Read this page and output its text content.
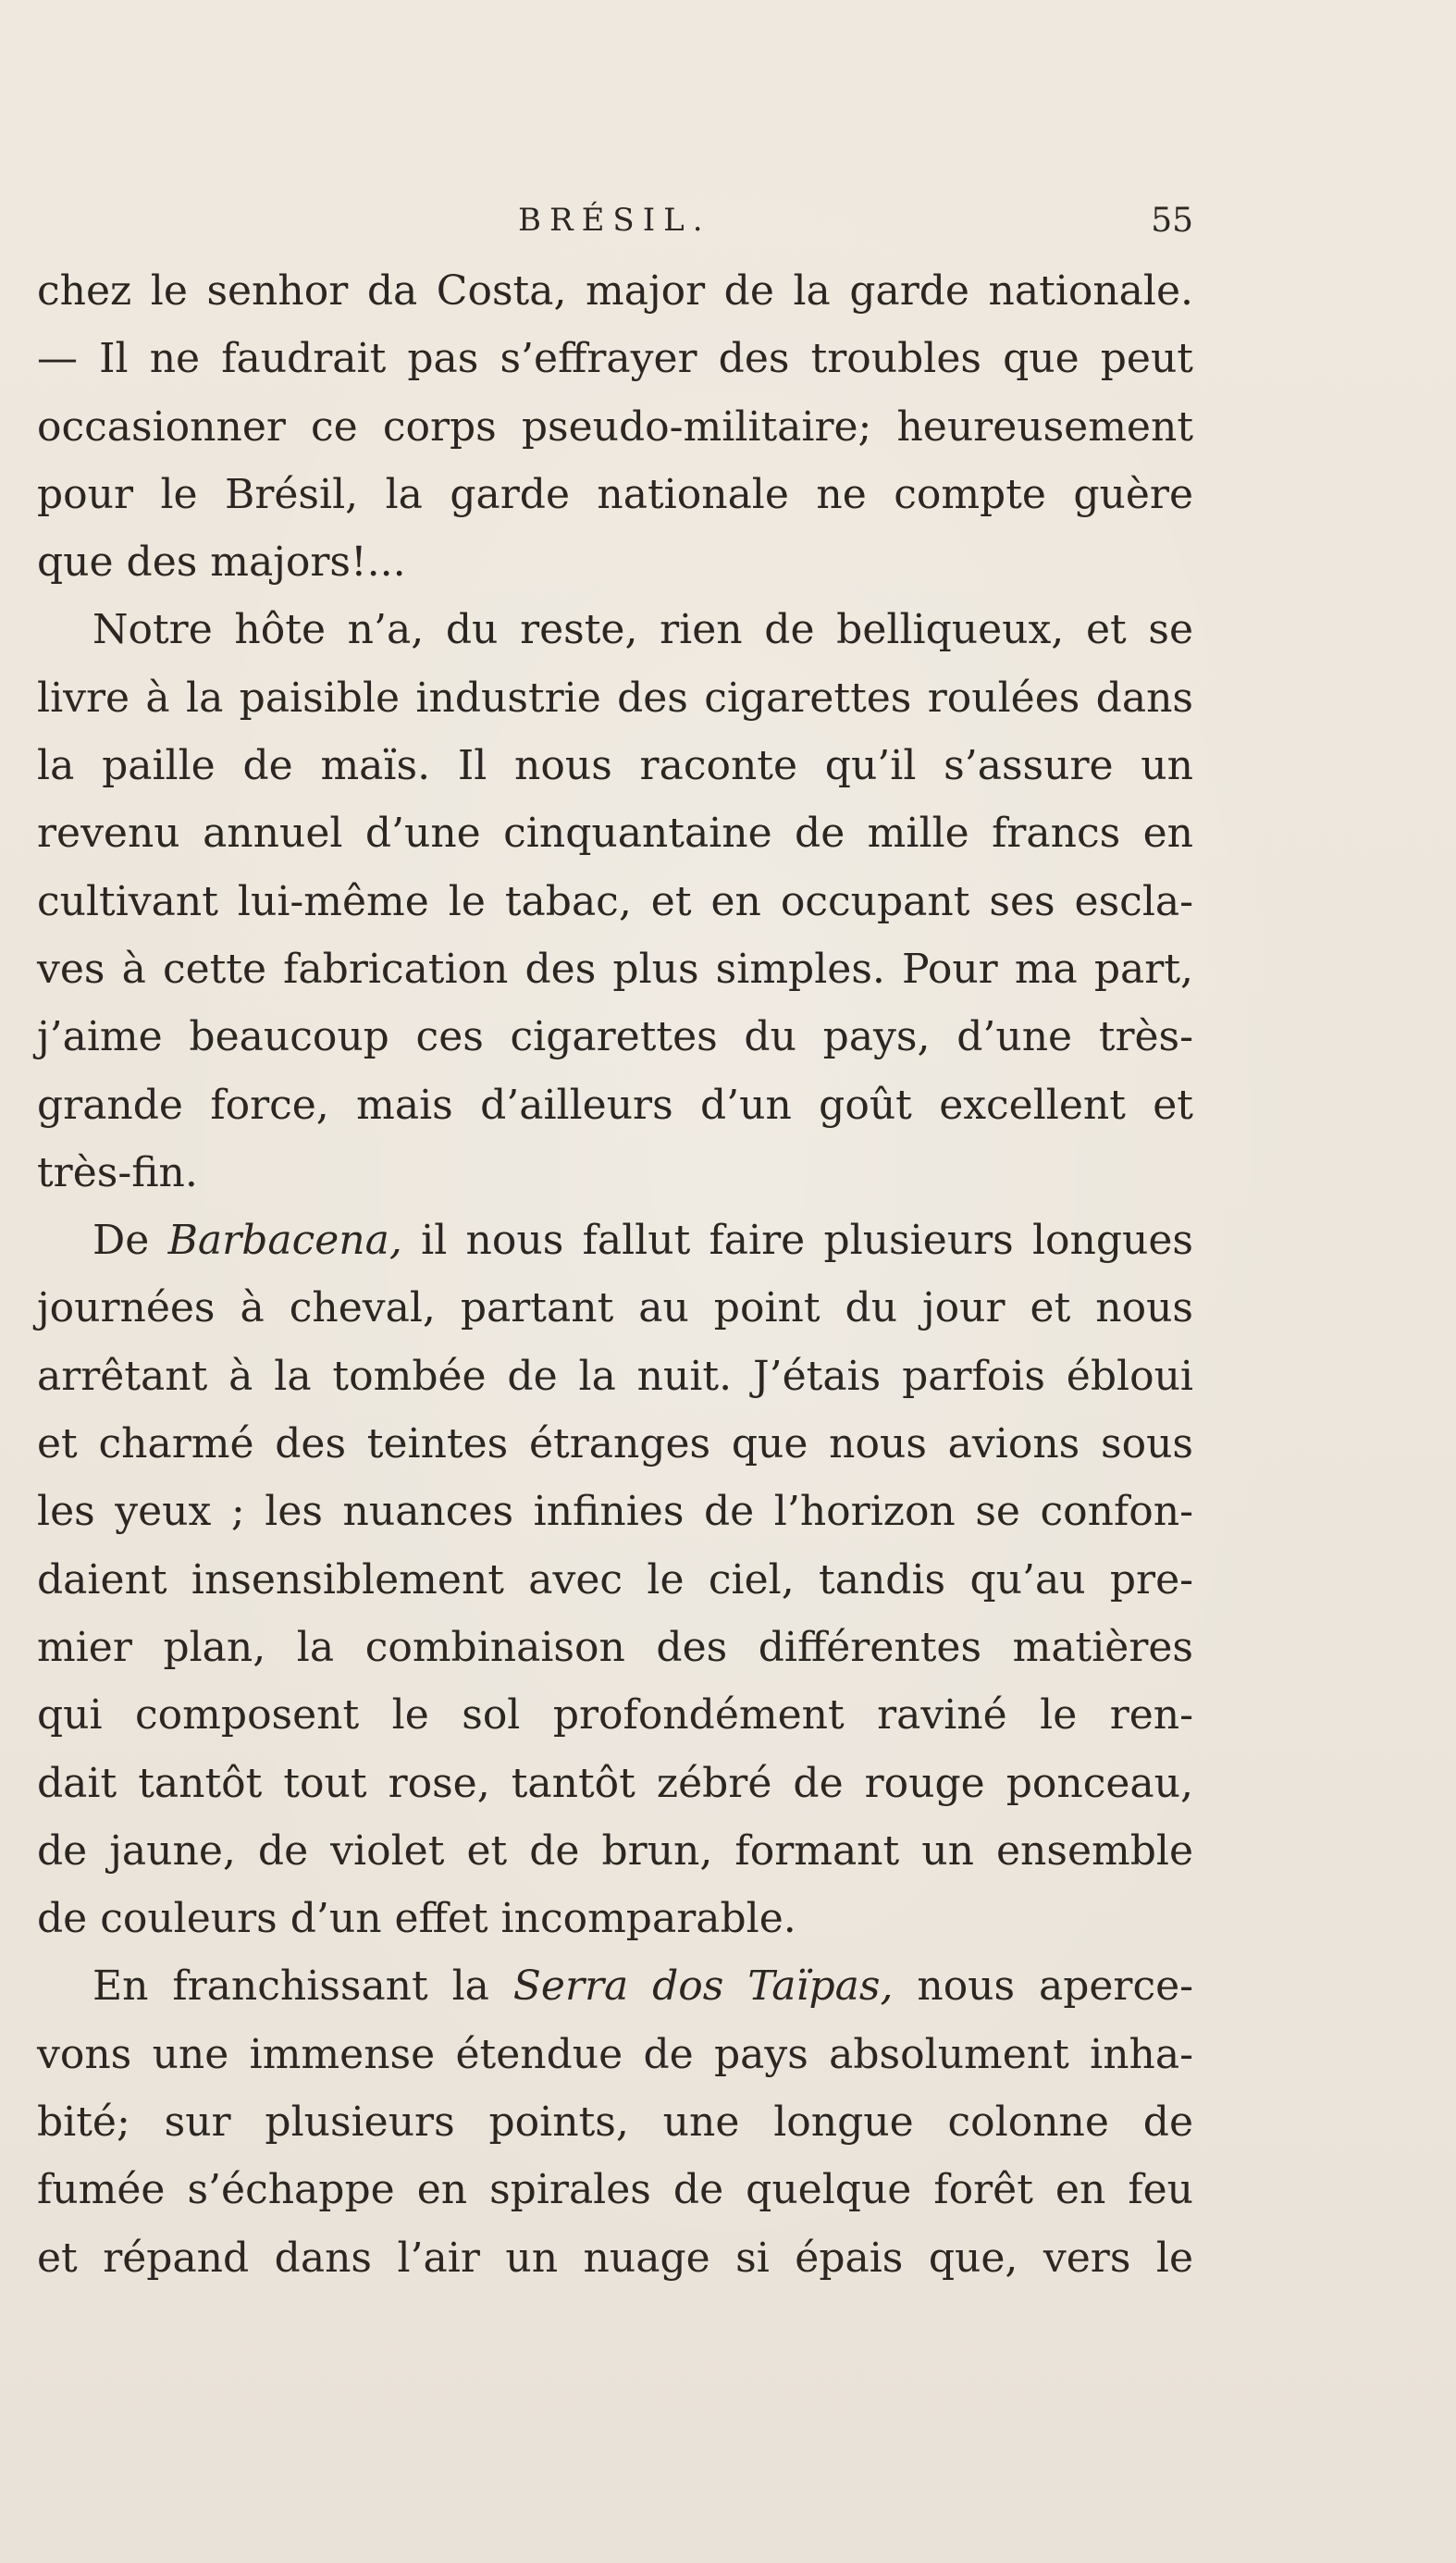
BRÉSIL.	55
chez le senhor da Costa, major de la garde nationale.
— Il ne faudrait pas s’effrayer des troubles que peut
occasionner ce corps pseudo-militaire; heureusement
pour le Brésil, la garde nationale ne compte guère
que des majors!...
Notre hôte n’a, du reste, rien de belliqueux, et se
livre à la paisible industrie des cigarettes roulées dans
la paille de maïs. Il nous raconte qu’il s’assure un
revenu annuel d’une cinquantaine de mille francs en
cultivant lui-même le tabac, et en occupant ses escla-
ves à cette fabrication des plus simples. Pour ma part,
j’aime beaucoup ces cigarettes du pays, d’une très-
grande force, mais d’ailleurs d’un goût excellent et
très-fin.
De Barbacena, il nous fallut faire plusieurs longues
journées à cheval, partant au point du jour et nous
arrêtant à la tombée de la nuit. J’étais parfois ébloui
et charmé des teintes étranges que nous avions sous
les yeux ; les nuances infinies de l’horizon se confon-
daient insensiblement avec le ciel, tandis qu’au pre-
mier plan, la combinaison des différentes matières
qui composent le sol profondément raviné le ren-
dait tantôt tout rose, tantôt zébré de rouge ponceau,
de jaune, de violet et de brun, formant un ensemble
de couleurs d’un effet incomparable.
En franchissant la Serra dos Taïpas, nous aperce-
vons une immense étendue de pays absolument inha-
bité; sur plusieurs points, une longue colonne de
fumée s’échappe en spirales de quelque forêt en feu
et répand dans l’air un nuage si épais que, vers le
